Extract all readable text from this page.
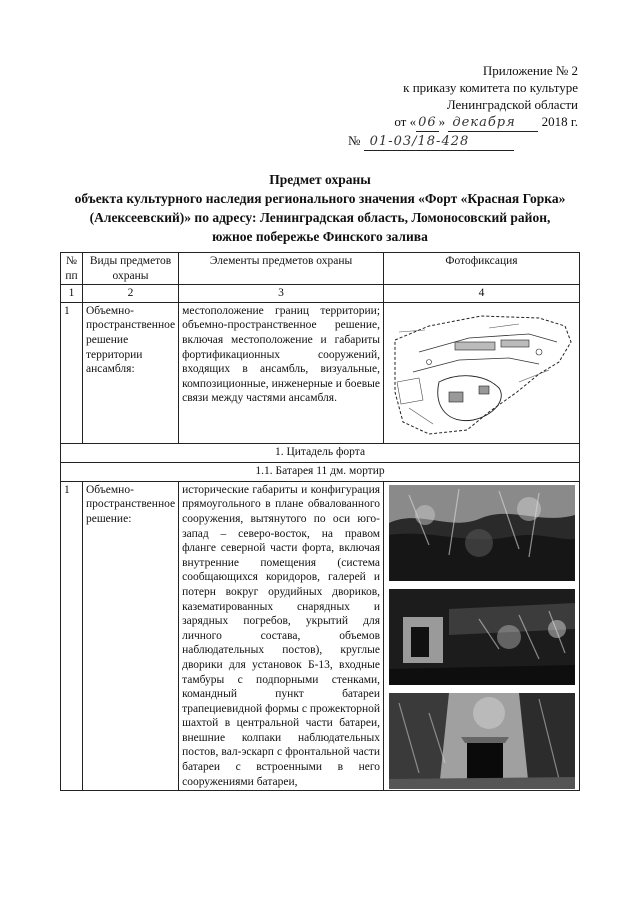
Приложение № 2
к приказу комитета по культуре
Ленинградской области
от « 06 » декабря 2018 г.
№ 01-03/18-428
Предмет охраны
объекта культурного наследия регионального значения «Форт «Красная Горка» (Алексеевский)» по адресу: Ленинградская область, Ломоносовский район, южное побережье Финского залива
№ пп	Виды предметов охраны	Элементы предметов охраны	Фотофиксация
1	2	3	4
1	Объемно-пространственное решение территории ансамбля:	местоположение границ территории; объемно-пространственное решение, включая местоположение и габариты фортификационных сооружений, входящих в ансамбль, визуальные, композиционные, инженерные и боевые связи между частями ансамбля.	

1. Цитадель форта			
1.1. Батарея 11 дм. мортир			
1	Объемно-пространственное решение:	исторические габариты и конфигурация прямоугольного в плане обвалованного сооружения, вытянутого по оси юго-запад – северо-восток, на правом фланге северной части форта, включая внутренние помещения (система сообщающихся коридоров, галерей и потерн вокруг орудийных двориков, казематированных снарядных и зарядных погребов, укрытий для личного состава, объемов наблюдательных постов), круглые дворики для установок Б-13, входные тамбуры с подпорными стенками, командный пункт батареи трапециевидной формы с прожекторной шахтой в центральной части батареи, внешние колпаки наблюдательных постов, вал-эскарп с фронтальной части батареи с встроенными в него сооружениями батареи,	
